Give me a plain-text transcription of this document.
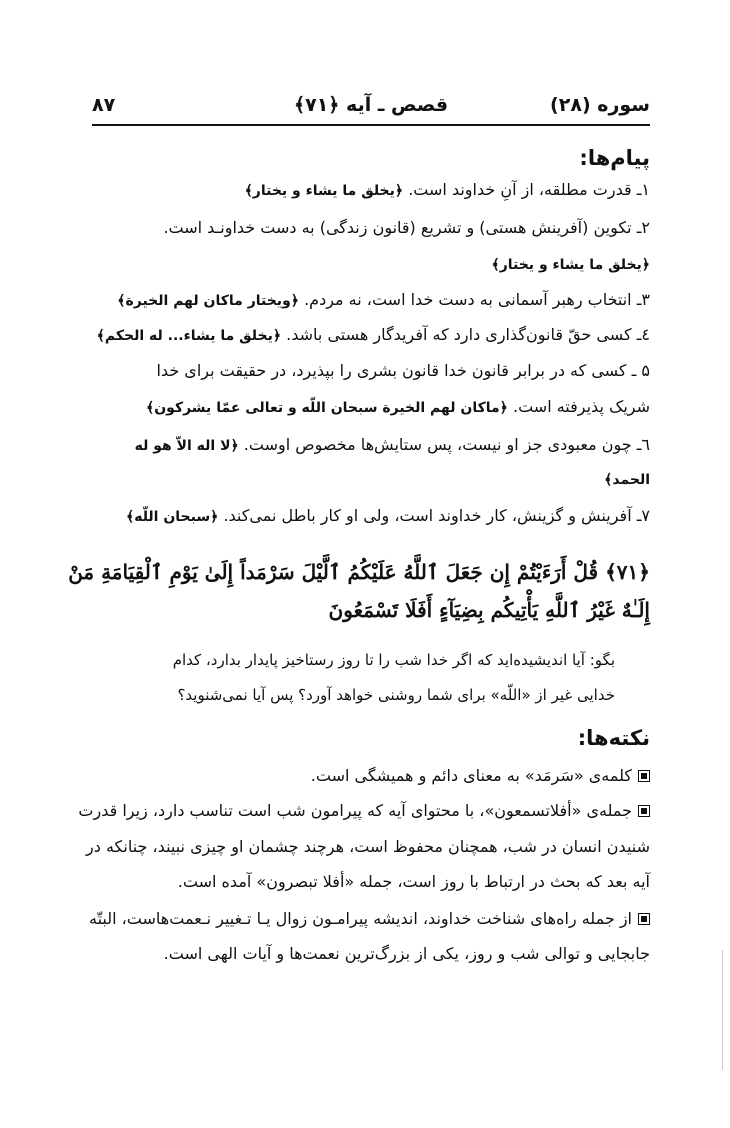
سوره (۲۸)
قصص ـ آیه ﴿۷۱﴾
۸۷
پیام‌ها:
۱ـ قدرت مطلقه، از آنِ خداوند است. ﴿یخلق ما یشاء و یختار﴾
۲ـ تکوین (آفرینش هستی) و تشریع (قانون زندگی) به دست خداونـد است.
﴿یخلق ما یشاء و یختار﴾
۳ـ انتخاب رهبر آسمانی به دست خدا است، نه مردم. ﴿ویختار ماکان لهم الخیرة﴾
٤ـ کسی حقّ قانون‌گذاری دارد که آفریدگار هستی باشد. ﴿یخلق ما یشاء... له الحکم﴾
۵ ـ کسی که در برابر قانون خدا قانون بشری را بپذیرد، در حقیقت برای خدا
شریک پذیرفته است. ﴿ماکان لهم الخیرة سبحان اللّه و تعالی عمّا یشرکون﴾
٦ـ چون معبودی جز او نیست، پس ستایش‌ها مخصوص اوست. ﴿لا اله الاّ هو له
الحمد﴾
۷ـ آفرینش و گزینش، کار خداوند است، ولی او کار باطل نمی‌کند. ﴿سبحان اللّه﴾
﴿۷۱﴾ قُلْ أَرَءَيْتُمْ إِن جَعَلَ ٱللَّهُ عَلَيْكُمُ ٱلَّيْلَ سَرْمَداً إِلَىٰ يَوْمِ ٱلْقِيَامَةِ مَنْ
إِلَـٰهٌ غَيْرُ ٱللَّهِ يَأْتِيكُم بِضِيَآءٍ أَفَلَا تَسْمَعُونَ
بگو: آیا اندیشیده‌اید که اگر خدا شب را تا روز رستاخیز پایدار بدارد، کدام
خدایی غیر از «اللّه» برای شما روشنی خواهد آورد؟ پس آیا نمی‌شنوید؟
نکته‌ها:
کلمه‌ی «سَرمَد» به معنای دائم و همیشگی است.
جمله‌ی «أفلاتسمعون»، با محتوای آیه که پیرامون شب است تناسب دارد، زیرا قدرت
شنیدن انسان در شب، همچنان محفوظ است، هرچند چشمان او چیزی نبیند، چنانکه در
آیه بعد که بحث در ارتباط با روز است، جمله «أفلا تبصرون» آمده است.
از جمله راه‌های شناخت خداوند، اندیشه پیرامـون زوال یـا تـغییر نـعمت‌هاست، البتّه
جابجایی و توالی شب و روز، یکی از بزرگ‌ترین نعمت‌ها و آیات الهی است.
